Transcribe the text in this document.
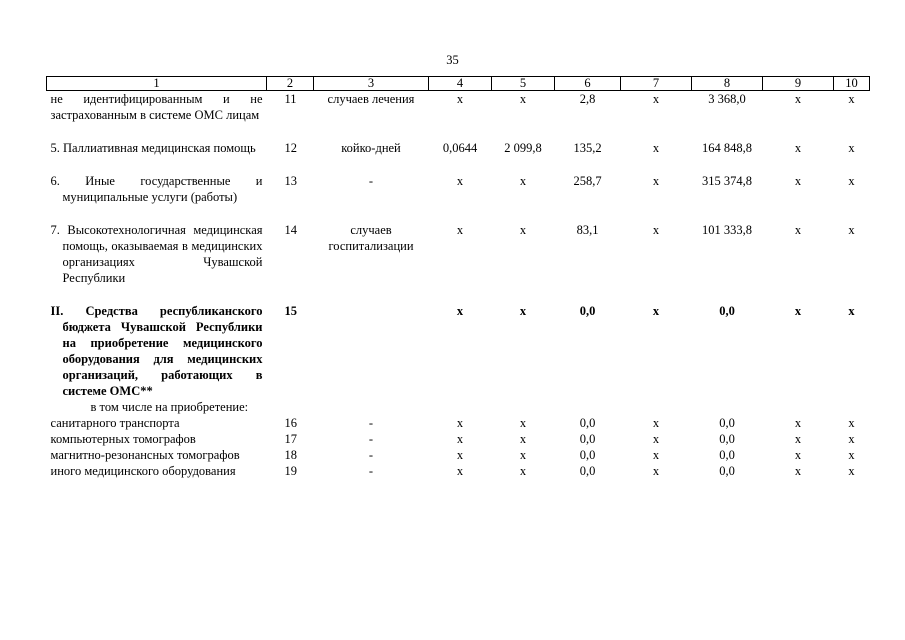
35
1	2	3	4	5	6	7	8	9	10
не идентифицированным и не застрахованным в системе ОМС лицам	11	случаев лечения	х	х	2,8	х	3 368,0	х	х
5. Паллиативная медицинская помощь	12	койко-дней	0,0644	2 099,8	135,2	х	164 848,8	х	х
6. Иные государственные и муниципальные услуги (работы)	13	-	х	х	258,7	х	315 374,8	х	х
7. Высокотехнологичная медицинская помощь, оказываемая в медицинских организациях Чувашской Республики	14	случаев госпитализации	х	х	83,1	х	101 333,8	х	х
II. Средства республиканского бюджета Чувашской Республики на приобретение медицинского оборудования для медицинских организаций, работающих в системе ОМС**	15		х	х	0,0	х	0,0	х	х
в том числе на приобретение:									
санитарного транспорта	16	-	х	х	0,0	х	0,0	х	х
компьютерных томографов	17	-	х	х	0,0	х	0,0	х	х
магнитно-резонансных томографов	18	-	х	х	0,0	х	0,0	х	х
иного медицинского оборудования	19	-	х	х	0,0	х	0,0	х	х
